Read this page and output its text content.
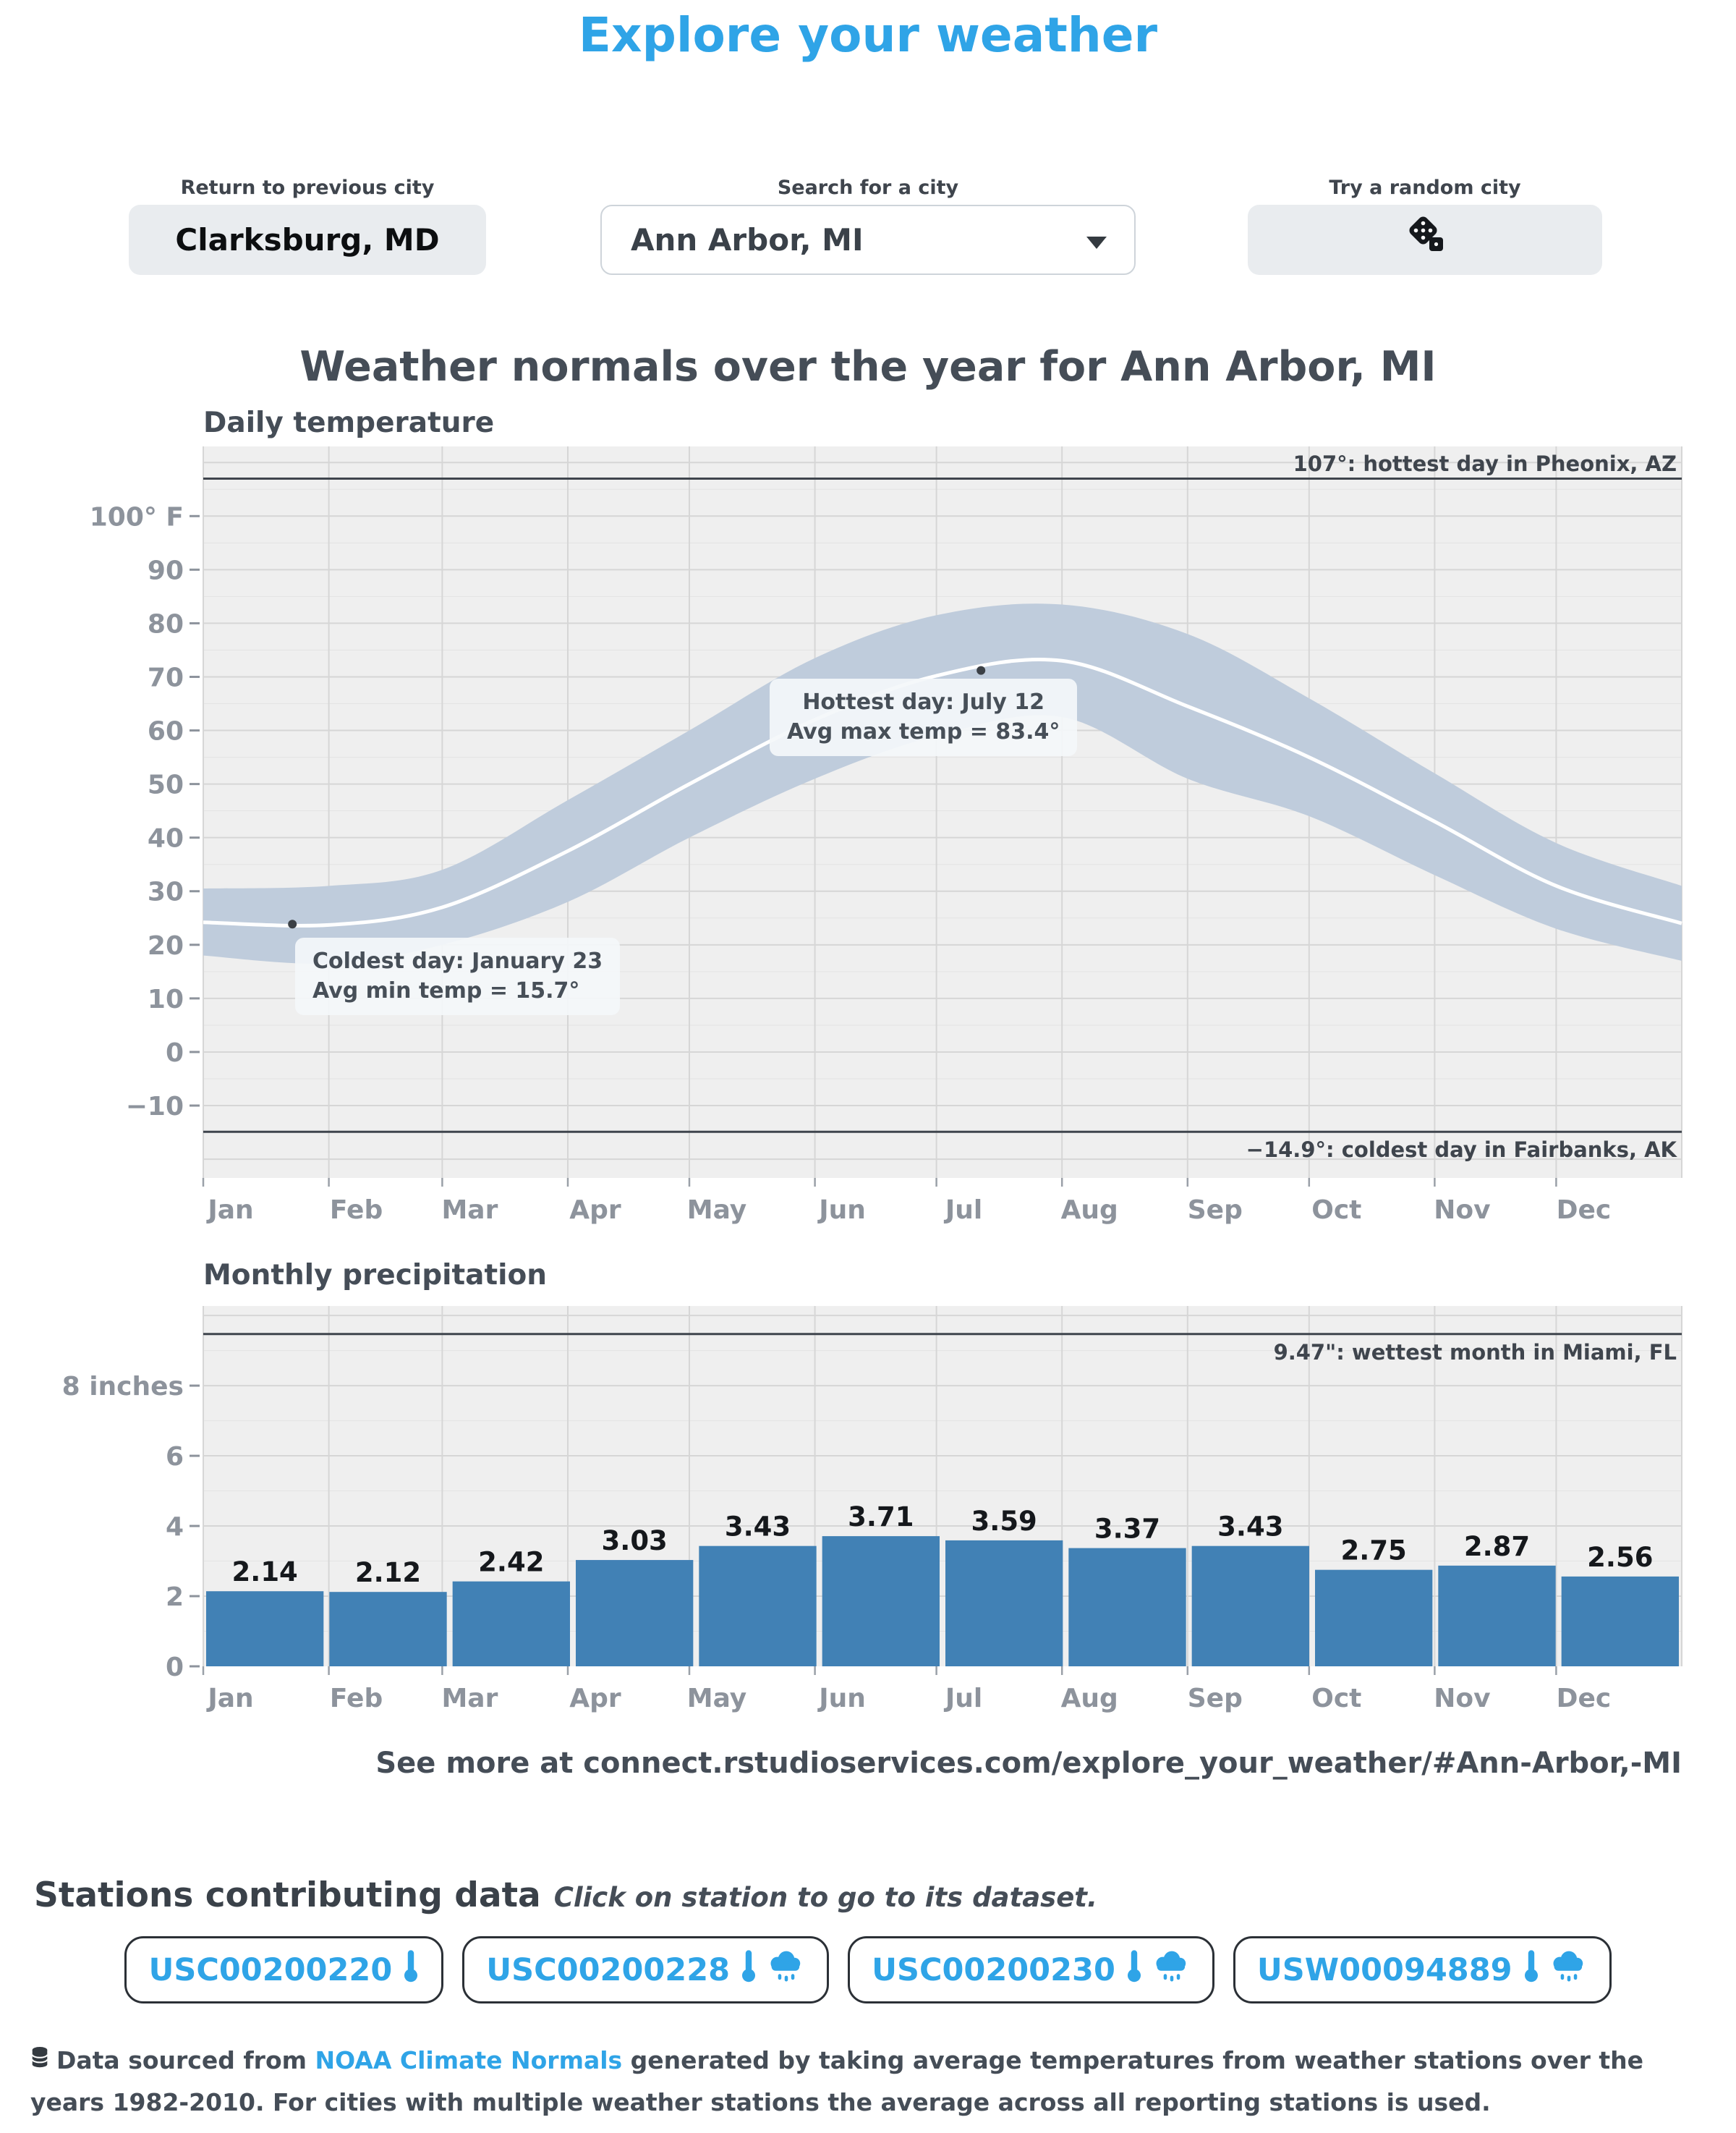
Explore your weather
Return to previous city
Clarksburg, MD
Search for a city
Ann Arbor, MI
Try a random city
Weather normals over the year for Ann Arbor, MI
Daily temperature
100° F
90
80
70
60
50
40
30
20
10
0
−10
Jan	Feb Mar	Apr	May	Jun	Jul	Aug	Sep	Oct	Nov	Dec
107°: hottest day in Pheonix, AZ
−14.9°: coldest day in Fairbanks, AK
Hottest day: July 12
Avg max temp = 83.4°
Coldest day: January 23
Avg min temp = 15.7°
Monthly precipitation
2.14 2.12 2.42
3.03 3.43 3.71 3.59 3.37 3.43
2.75 2.87 2.56
8 inches
6
4
2
0
Jan	Feb Mar	Apr	May	Jun	Jul	Aug	Sep	Oct	Nov	Dec
9.47": wettest month in Miami, FL
See more at connect.rstudioservices.com/explore_your_weather/#Ann-Arbor,-MI
Stations contributing data Click on station to go to its dataset.
USC00200220	USC00200228	USC00200230	USW00094889
Data sourced from NOAA Climate Normals generated by taking average temperatures from weather stations over the years 1982-2010. For cities with multiple weather stations the average across all reporting stations is used.
